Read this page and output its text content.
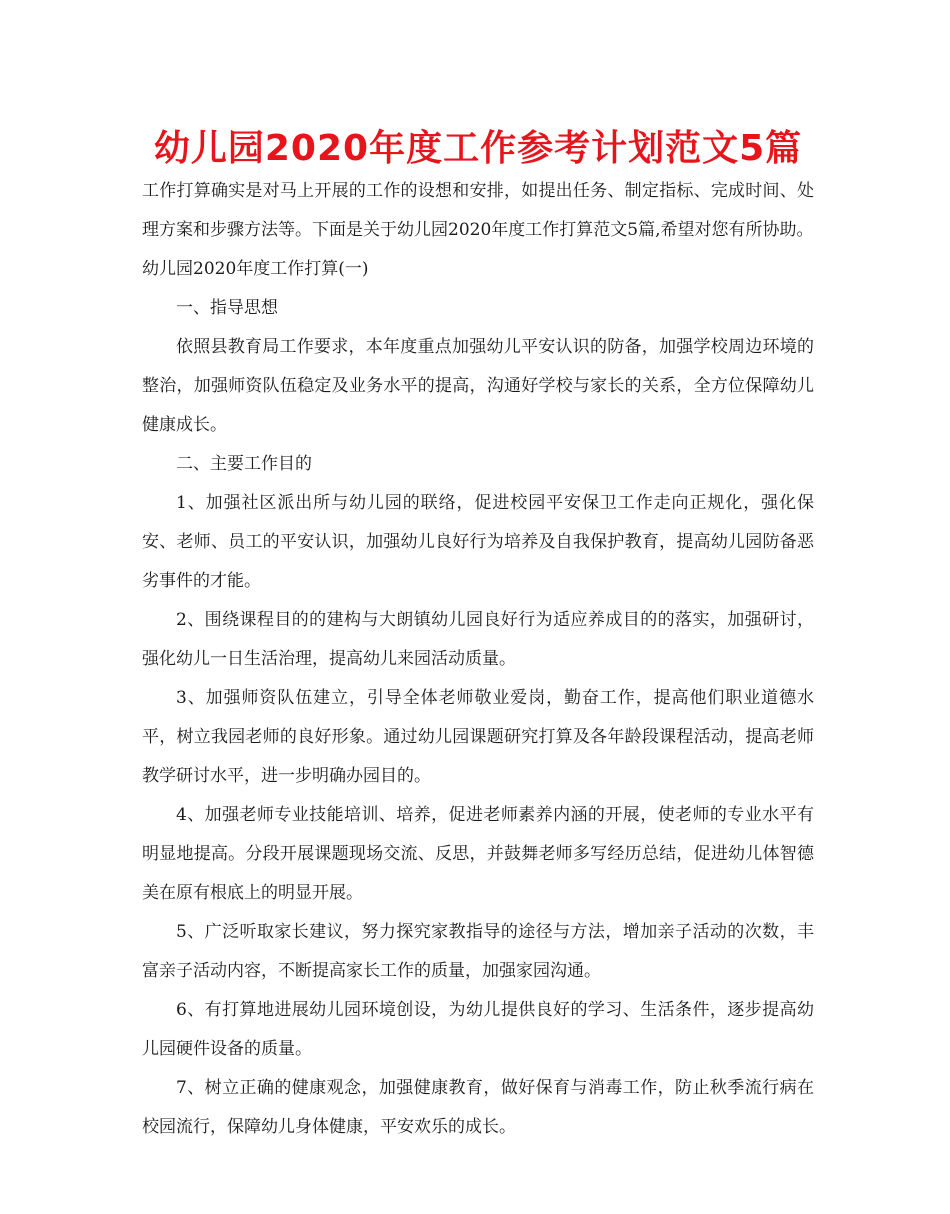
幼儿园2020年度工作参考计划范文5篇

工作打算确实是对马上开展的工作的设想和安排，如提出任务、制定指标、完成时间、处理方案和步骤方法等。下面是关于幼儿园2020年度工作打算范文5篇,希望对您有所协助。

幼儿园2020年度工作打算(一)

一、指导思想

依照县教育局工作要求，本年度重点加强幼儿平安认识的防备，加强学校周边环境的整治，加强师资队伍稳定及业务水平的提高，沟通好学校与家长的关系，全方位保障幼儿健康成长。

二、主要工作目的

1、加强社区派出所与幼儿园的联络，促进校园平安保卫工作走向正规化，强化保安、老师、员工的平安认识，加强幼儿良好行为培养及自我保护教育，提高幼儿园防备恶劣事件的才能。

2、围绕课程目的的建构与大朗镇幼儿园良好行为适应养成目的的落实，加强研讨，强化幼儿一日生活治理，提高幼儿来园活动质量。

3、加强师资队伍建立，引导全体老师敬业爱岗，勤奋工作，提高他们职业道德水平，树立我园老师的良好形象。通过幼儿园课题研究打算及各年龄段课程活动，提高老师教学研讨水平，进一步明确办园目的。

4、加强老师专业技能培训、培养，促进老师素养内涵的开展，使老师的专业水平有明显地提高。分段开展课题现场交流、反思，并鼓舞老师多写经历总结，促进幼儿体智德美在原有根底上的明显开展。

5、广泛听取家长建议，努力探究家教指导的途径与方法，增加亲子活动的次数，丰富亲子活动内容，不断提高家长工作的质量，加强家园沟通。

6、有打算地进展幼儿园环境创设，为幼儿提供良好的学习、生活条件，逐步提高幼儿园硬件设备的质量。

7、树立正确的健康观念，加强健康教育，做好保育与消毒工作，防止秋季流行病在校园流行，保障幼儿身体健康，平安欢乐的成长。
